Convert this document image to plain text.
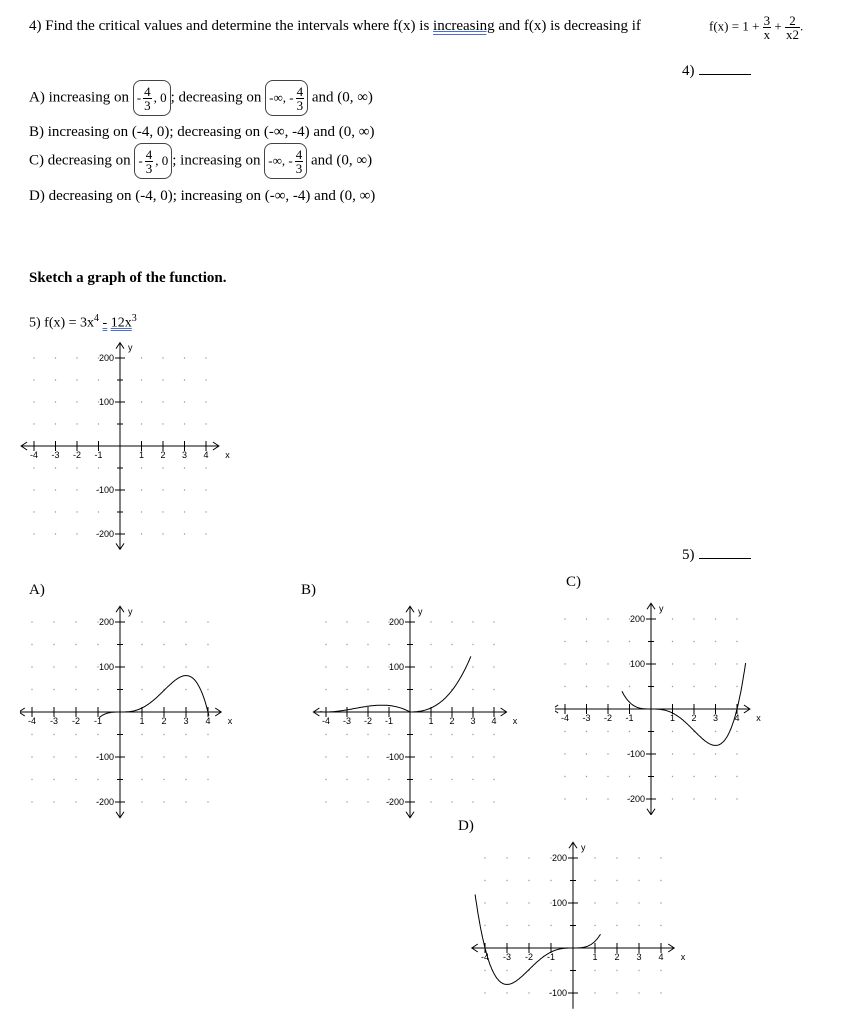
4) Find the critical values and determine the intervals where f(x) is increasing and f(x) is decreasing if	$f(x) = 1 + \frac{3}{x} + \frac{2}{x2}$ .
4)
A) increasing on - $\frac{4}{3}$ , 0 ; decreasing on -∞, - $\frac{4}{3}$ and (0, ∞)
B) increasing on (-4, 0); decreasing on (-∞, -4) and (0, ∞)
C) decreasing on - $\frac{4}{3}$ , 0 ; increasing on -∞, - $\frac{4}{3}$ and (0, ∞)
D) decreasing on (-4, 0); increasing on (-∞, -4) and (0, ∞)
Sketch a graph of the function.
5) $f(x) = 3x^4 - 12x^3$
5)
A)	B)	C)
D)
-4 -3 -2 -1	1 2 3 4 x
200
100
-100
-200
y
-4 -3 -2 -1	1 2 3 4 x
200
100
-100
-200
y
-4 -3 -2 -1	1 2 3 4 x
200
100
-100
-200
y
-4 -3 -2 -1	1 2 3 4 x
200
100
-100
-200
y
-4 -3 -2 -1	1 2 3 4 x
200
100
-100
y
